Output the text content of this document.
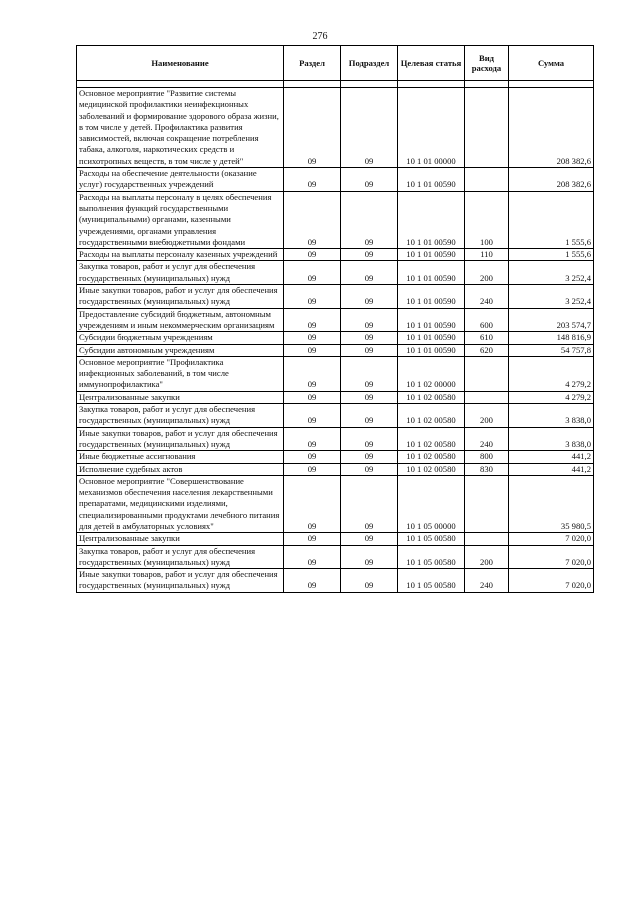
276
Наименование	Раздел	Подраздел	Целевая статья	Вид расхода	Сумма

Основное мероприятие "Развитие системы медицинской профилактики неинфекционных заболеваний и формирование здорового образа жизни, в том числе у детей. Профилактика развития зависимостей, включая сокращение потребления табака, алкоголя, наркотических средств и психотропных веществ, в том числе у детей"	09	09	10 1 01 00000		208 382,6
Расходы на обеспечение деятельности (оказание услуг) государственных учреждений	09	09	10 1 01 00590		208 382,6
Расходы на выплаты персоналу в целях обеспечения выполнения функций государственными (муниципальными) органами, казенными учреждениями, органами управления государственными внебюджетными фондами	09	09	10 1 01 00590	100	1 555,6
Расходы на выплаты персоналу казенных учреждений	09	09	10 1 01 00590	110	1 555,6
Закупка товаров, работ и услуг для обеспечения государственных (муниципальных) нужд	09	09	10 1 01 00590	200	3 252,4
Иные закупки товаров, работ и услуг для обеспечения государственных (муниципальных) нужд	09	09	10 1 01 00590	240	3 252,4
Предоставление субсидий бюджетным, автономным учреждениям и иным некоммерческим организациям	09	09	10 1 01 00590	600	203 574,7
Субсидии бюджетным учреждениям	09	09	10 1 01 00590	610	148 816,9
Субсидии автономным учреждениям	09	09	10 1 01 00590	620	54 757,8
Основное мероприятие "Профилактика инфекционных заболеваний, в том числе иммунопрофилактика"	09	09	10 1 02 00000		4 279,2
Централизованные закупки	09	09	10 1 02 00580		4 279,2
Закупка товаров, работ и услуг для обеспечения государственных (муниципальных) нужд	09	09	10 1 02 00580	200	3 838,0
Иные закупки товаров, работ и услуг для обеспечения государственных (муниципальных) нужд	09	09	10 1 02 00580	240	3 838,0
Иные бюджетные ассигнования	09	09	10 1 02 00580	800	441,2
Исполнение судебных актов	09	09	10 1 02 00580	830	441,2
Основное мероприятие "Совершенствование механизмов обеспечения населения лекарственными препаратами, медицинскими изделиями, специализированными продуктами лечебного питания для детей в амбулаторных условиях"	09	09	10 1 05 00000		35 980,5
Централизованные закупки	09	09	10 1 05 00580		7 020,0
Закупка товаров, работ и услуг для обеспечения государственных (муниципальных) нужд	09	09	10 1 05 00580	200	7 020,0
Иные закупки товаров, работ и услуг для обеспечения государственных (муниципальных) нужд	09	09	10 1 05 00580	240	7 020,0
